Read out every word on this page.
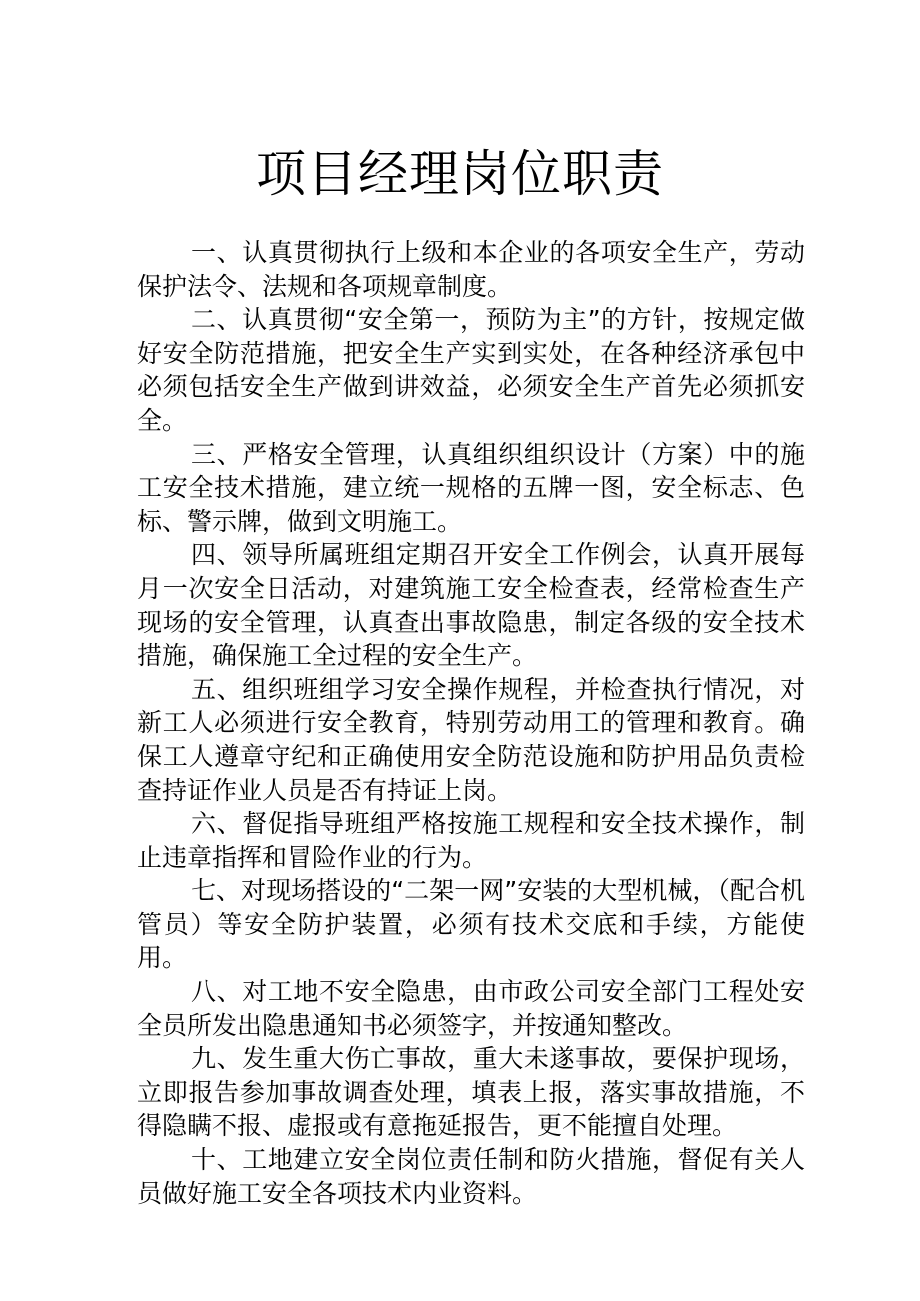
项目经理岗位职责

一、认真贯彻执行上级和本企业的各项安全生产，劳动保护法令、法规和各项规章制度。

二、认真贯彻“安全第一，预防为主”的方针，按规定做好安全防范措施，把安全生产实到实处，在各种经济承包中必须包括安全生产做到讲效益，必须安全生产首先必须抓安全。

三、严格安全管理，认真组织组织设计（方案）中的施工安全技术措施，建立统一规格的五牌一图，安全标志、色标、警示牌，做到文明施工。

四、领导所属班组定期召开安全工作例会，认真开展每月一次安全日活动，对建筑施工安全检查表，经常检查生产现场的安全管理，认真查出事故隐患，制定各级的安全技术措施，确保施工全过程的安全生产。

五、组织班组学习安全操作规程，并检查执行情况，对新工人必须进行安全教育，特别劳动用工的管理和教育。确保工人遵章守纪和正确使用安全防范设施和防护用品负责检查持证作业人员是否有持证上岗。

六、督促指导班组严格按施工规程和安全技术操作，制止违章指挥和冒险作业的行为。

七、对现场搭设的“二架一网”安装的大型机械，（配合机管员）等安全防护装置，必须有技术交底和手续，方能使用。

八、对工地不安全隐患，由市政公司安全部门工程处安全员所发出隐患通知书必须签字，并按通知整改。

九、发生重大伤亡事故，重大未遂事故，要保护现场，立即报告参加事故调查处理，填表上报，落实事故措施，不得隐瞒不报、虚报或有意拖延报告，更不能擅自处理。

十、工地建立安全岗位责任制和防火措施，督促有关人员做好施工安全各项技术内业资料。
